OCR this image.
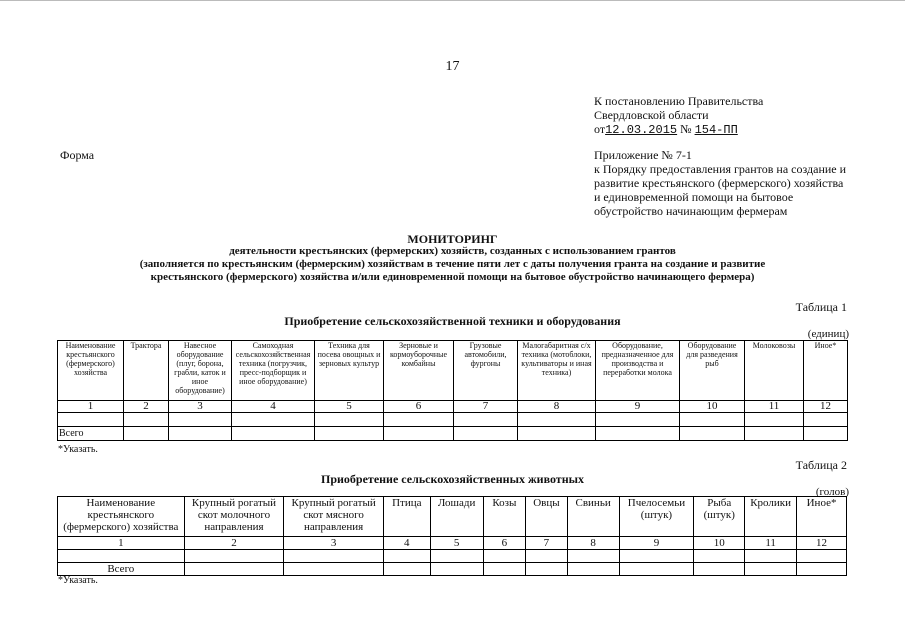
17
К постановлению Правительства
Свердловской области
от12.03.2015 № 154-ПП
Форма	Приложение № 7-1
к Порядку предоставления грантов на создание и
развитие крестьянского (фермерского) хозяйства
и единовременной помощи на бытовое
обустройство начинающим фермерам
МОНИТОРИНГ
деятельности крестьянских (фермерских) хозяйств, созданных с использованием грантов
(заполняется по крестьянским (фермерским) хозяйствам в течение пяти лет с даты получения гранта на создание и развитие
крестьянского (фермерского) хозяйства и/или единовременной помощи на бытовое обустройство начинающего фермера)
Таблица 1
Приобретение сельскохозяйственной техники и оборудования
(единиц)
Наименование крестьянского (фермерского) хозяйства	Трактора	Навесное оборудование (плуг, борона, грабли, каток и иное оборудование)	Самоходная сельскохозяйственная техника (погрузчик, пресс-подборщик и иное оборудование)	Техника для посева овощных и зерновых культур	Зерновые и кормоуборочные комбайны	Грузовые автомобили, фургоны	Малогабаритная с/х техника (мотоблоки, культиваторы и иная техника)	Оборудование, предназначенное для производства и переработки молока	Оборудование для разведения рыб	Молоковозы	Иное*
1	2	3	4	5	6	7	8	9	10	11	12

Всего											
*Указать.
Таблица 2
Приобретение сельскохозяйственных животных
(голов)
Наименование крестьянского (фермерского) хозяйства	Крупный рогатый скот молочного направления	Крупный рогатый скот мясного направления	Птица	Лошади	Козы	Овцы	Свиньи	Пчелосемьи (штук)	Рыба (штук)	Кролики	Иное*
1	2	3	4	5	6	7	8	9	10	11	12

Всего											
*Указать.
